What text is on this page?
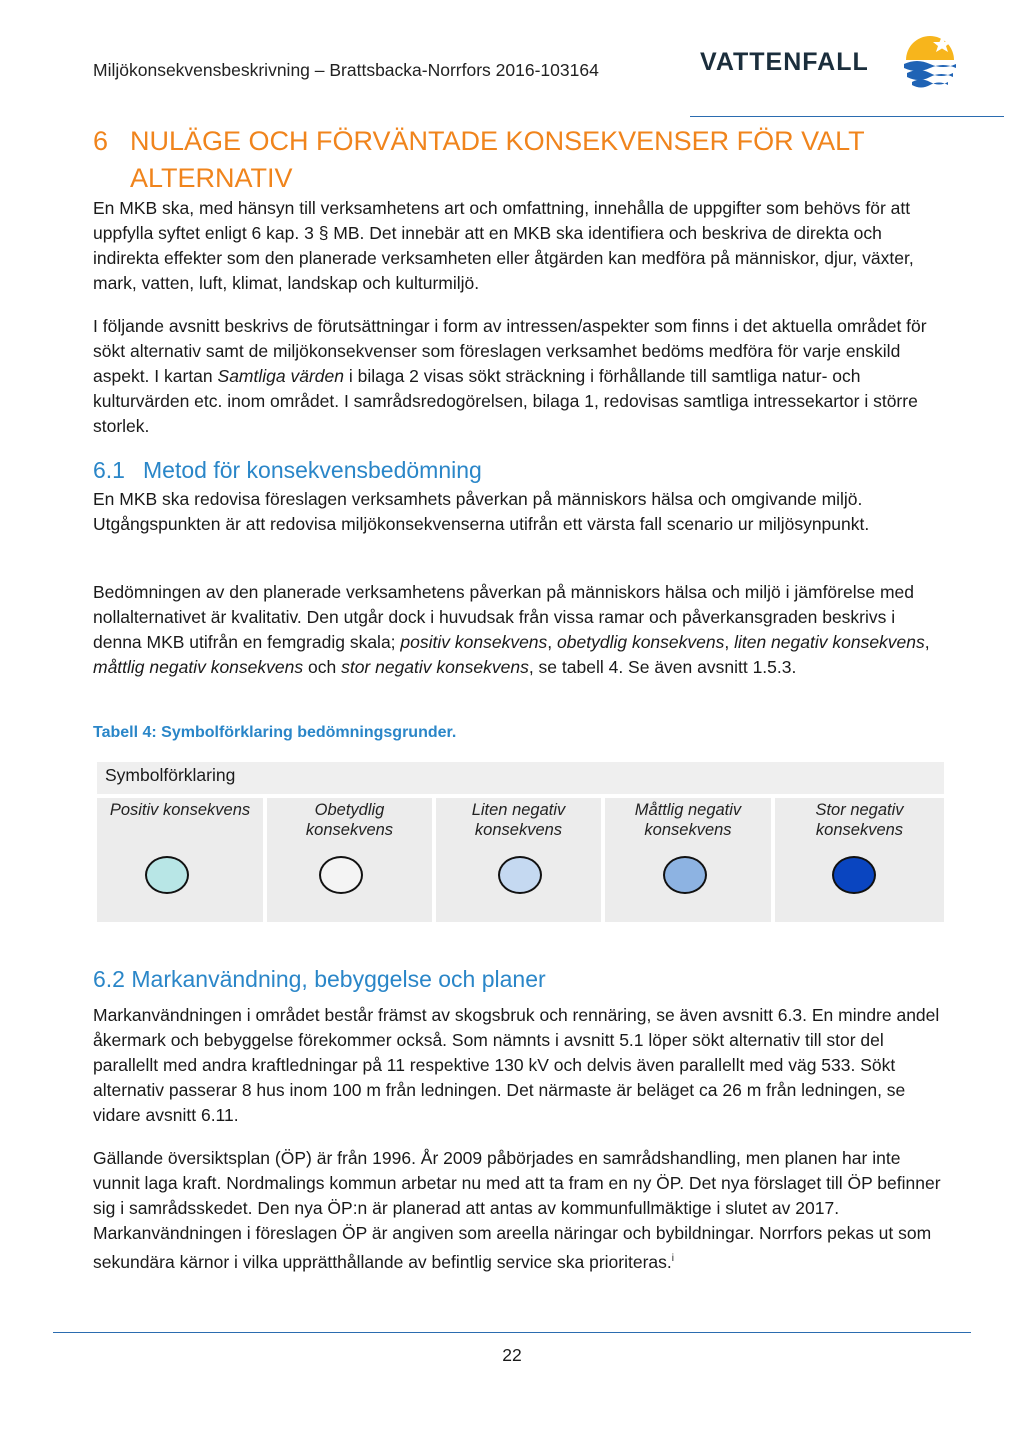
Miljökonsekvensbeskrivning – Brattsbacka-Norrfors 2016-103164	VATTENFALL
6 NULÄGE OCH FÖRVÄNTADE KONSEKVENSER FÖR VALT ALTERNATIV

En MKB ska, med hänsyn till verksamhetens art och omfattning, innehålla de uppgifter som behövs för att uppfylla syftet enligt 6 kap. 3 § MB. Det innebär att en MKB ska identifiera och beskriva de direkta och indirekta effekter som den planerade verksamheten eller åtgärden kan medföra på människor, djur, växter, mark, vatten, luft, klimat, landskap och kulturmiljö.

I följande avsnitt beskrivs de förutsättningar i form av intressen/aspekter som finns i det aktuella området för sökt alternativ samt de miljökonsekvenser som föreslagen verksamhet bedöms medföra för varje enskild aspekt. I kartan Samtliga värden i bilaga 2 visas sökt sträckning i förhållande till samtliga natur- och kulturvärden etc. inom området. I samrådsredogörelsen, bilaga 1, redovisas samtliga intressekartor i större storlek.

6.1 Metod för konsekvensbedömning

En MKB ska redovisa föreslagen verksamhets påverkan på människors hälsa och omgivande miljö. Utgångspunkten är att redovisa miljökonsekvenserna utifrån ett värsta fall scenario ur miljösynpunkt.

Bedömningen av den planerade verksamhetens påverkan på människors hälsa och miljö i jämförelse med nollalternativet är kvalitativ. Den utgår dock i huvudsak från vissa ramar och påverkansgraden beskrivs i denna MKB utifrån en femgradig skala; positiv konsekvens, obetydlig konsekvens, liten negativ konsekvens, måttlig negativ konsekvens och stor negativ konsekvens, se tabell 4. Se även avsnitt 1.5.3.

Tabell 4: Symbolförklaring bedömningsgrunder.
Symbolförklaring
Positiv konsekvens	Obetydlig konsekvens
Liten negativ konsekvens
Måttlig negativ konsekvens
Stor negativ konsekvens
6.2 Markanvändning, bebyggelse och planer

Markanvändningen i området består främst av skogsbruk och rennäring, se även avsnitt 6.3. En mindre andel åkermark och bebyggelse förekommer också. Som nämnts i avsnitt 5.1 löper sökt alternativ till stor del parallellt med andra kraftledningar på 11 respektive 130 kV och delvis även parallellt med väg 533. Sökt alternativ passerar 8 hus inom 100 m från ledningen. Det närmaste är beläget ca 26 m från ledningen, se vidare avsnitt 6.11.

Gällande översiktsplan (ÖP) är från 1996. År 2009 påbörjades en samrådshandling, men planen har inte vunnit laga kraft. Nordmalings kommun arbetar nu med att ta fram en ny ÖP. Det nya förslaget till ÖP befinner sig i samrådsskedet. Den nya ÖP:n är planerad att antas av kommunfullmäktige i slutet av 2017. Markanvändningen i föreslagen ÖP är angiven som areella näringar och bybildningar. Norrfors pekas ut som sekundära kärnor i vilka upprätthållande av befintlig service ska prioriteras.$^i$

22
